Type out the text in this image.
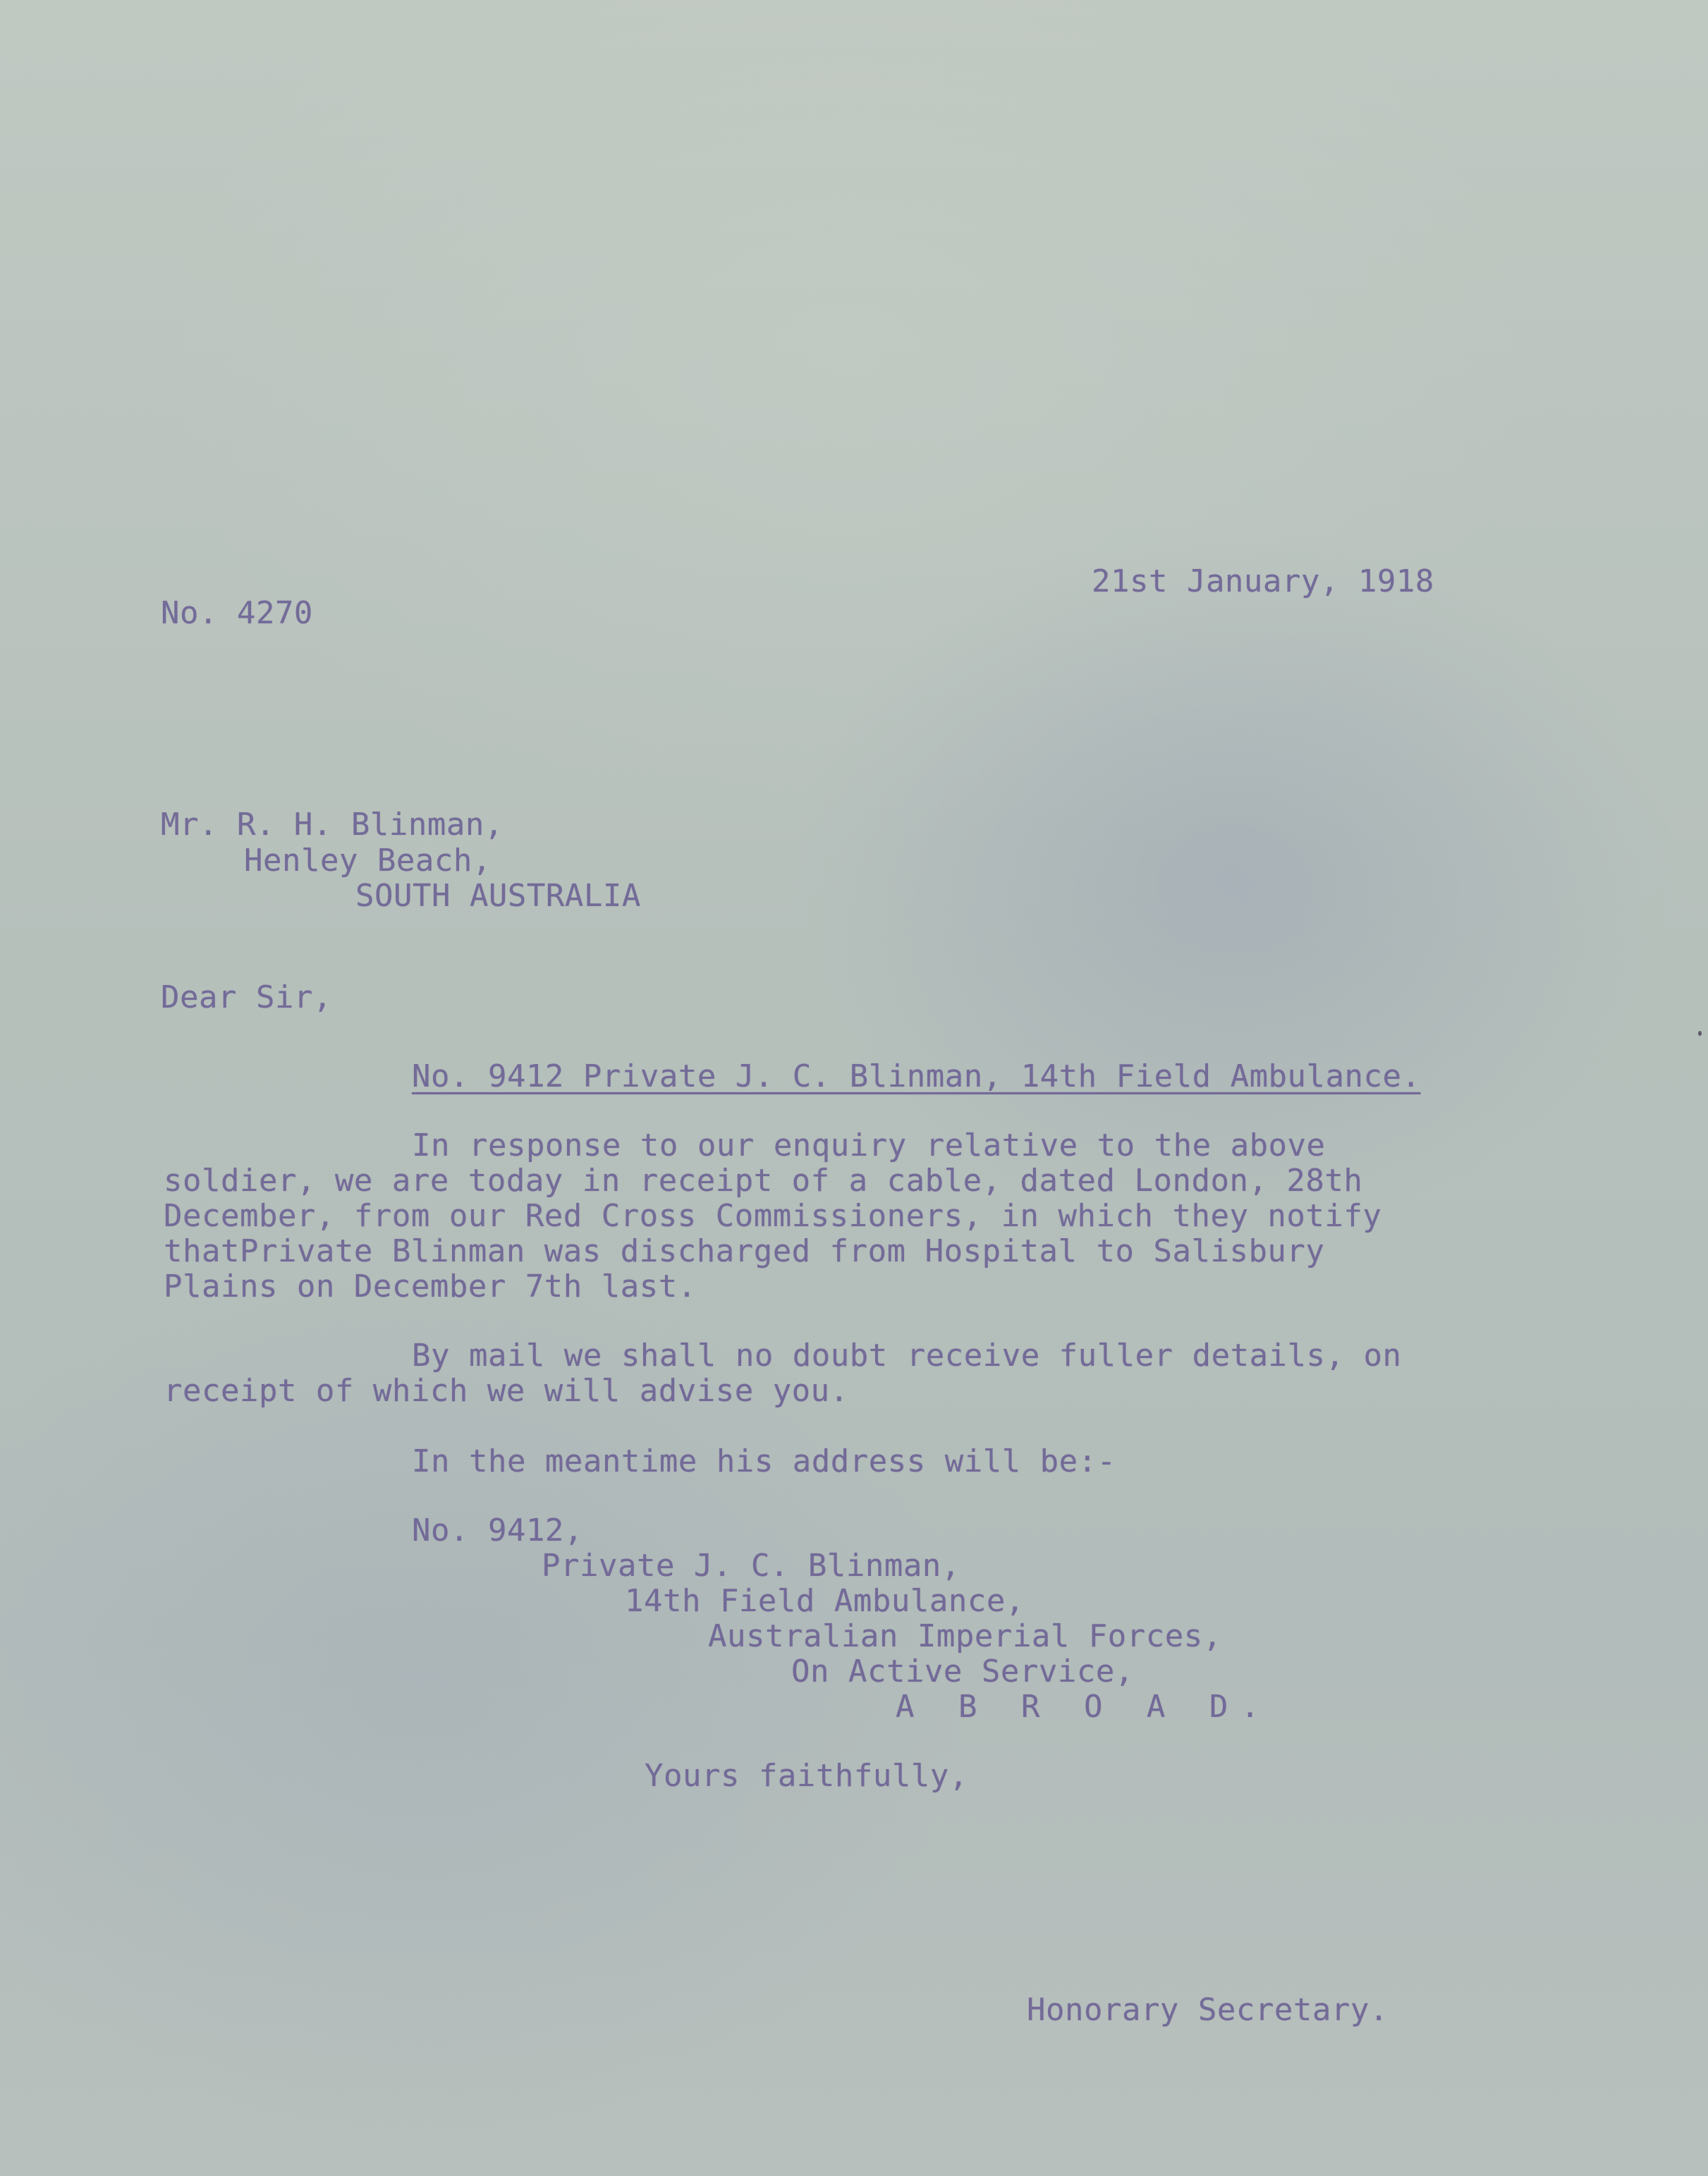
21st January, 1918
No. 4270
Mr. R. H. Blinman,
Henley Beach,
SOUTH AUSTRALIA
Dear Sir,
No. 9412 Private J. C. Blinman, 14th Field Ambulance.
In response to our enquiry relative to the above
soldier, we are today in receipt of a cable, dated London, 28th
December, from our Red Cross Commissioners, in which they notify
thatPrivate Blinman was discharged from Hospital to Salisbury
Plains on December 7th last.
By mail we shall no doubt receive fuller details, on
receipt of which we will advise you.
In the meantime his address will be:-
No. 9412,
Private J. C. Blinman,
14th Field Ambulance,
Australian Imperial Forces,
On Active Service,
A B R O A D.
Yours faithfully,
Honorary Secretary.
